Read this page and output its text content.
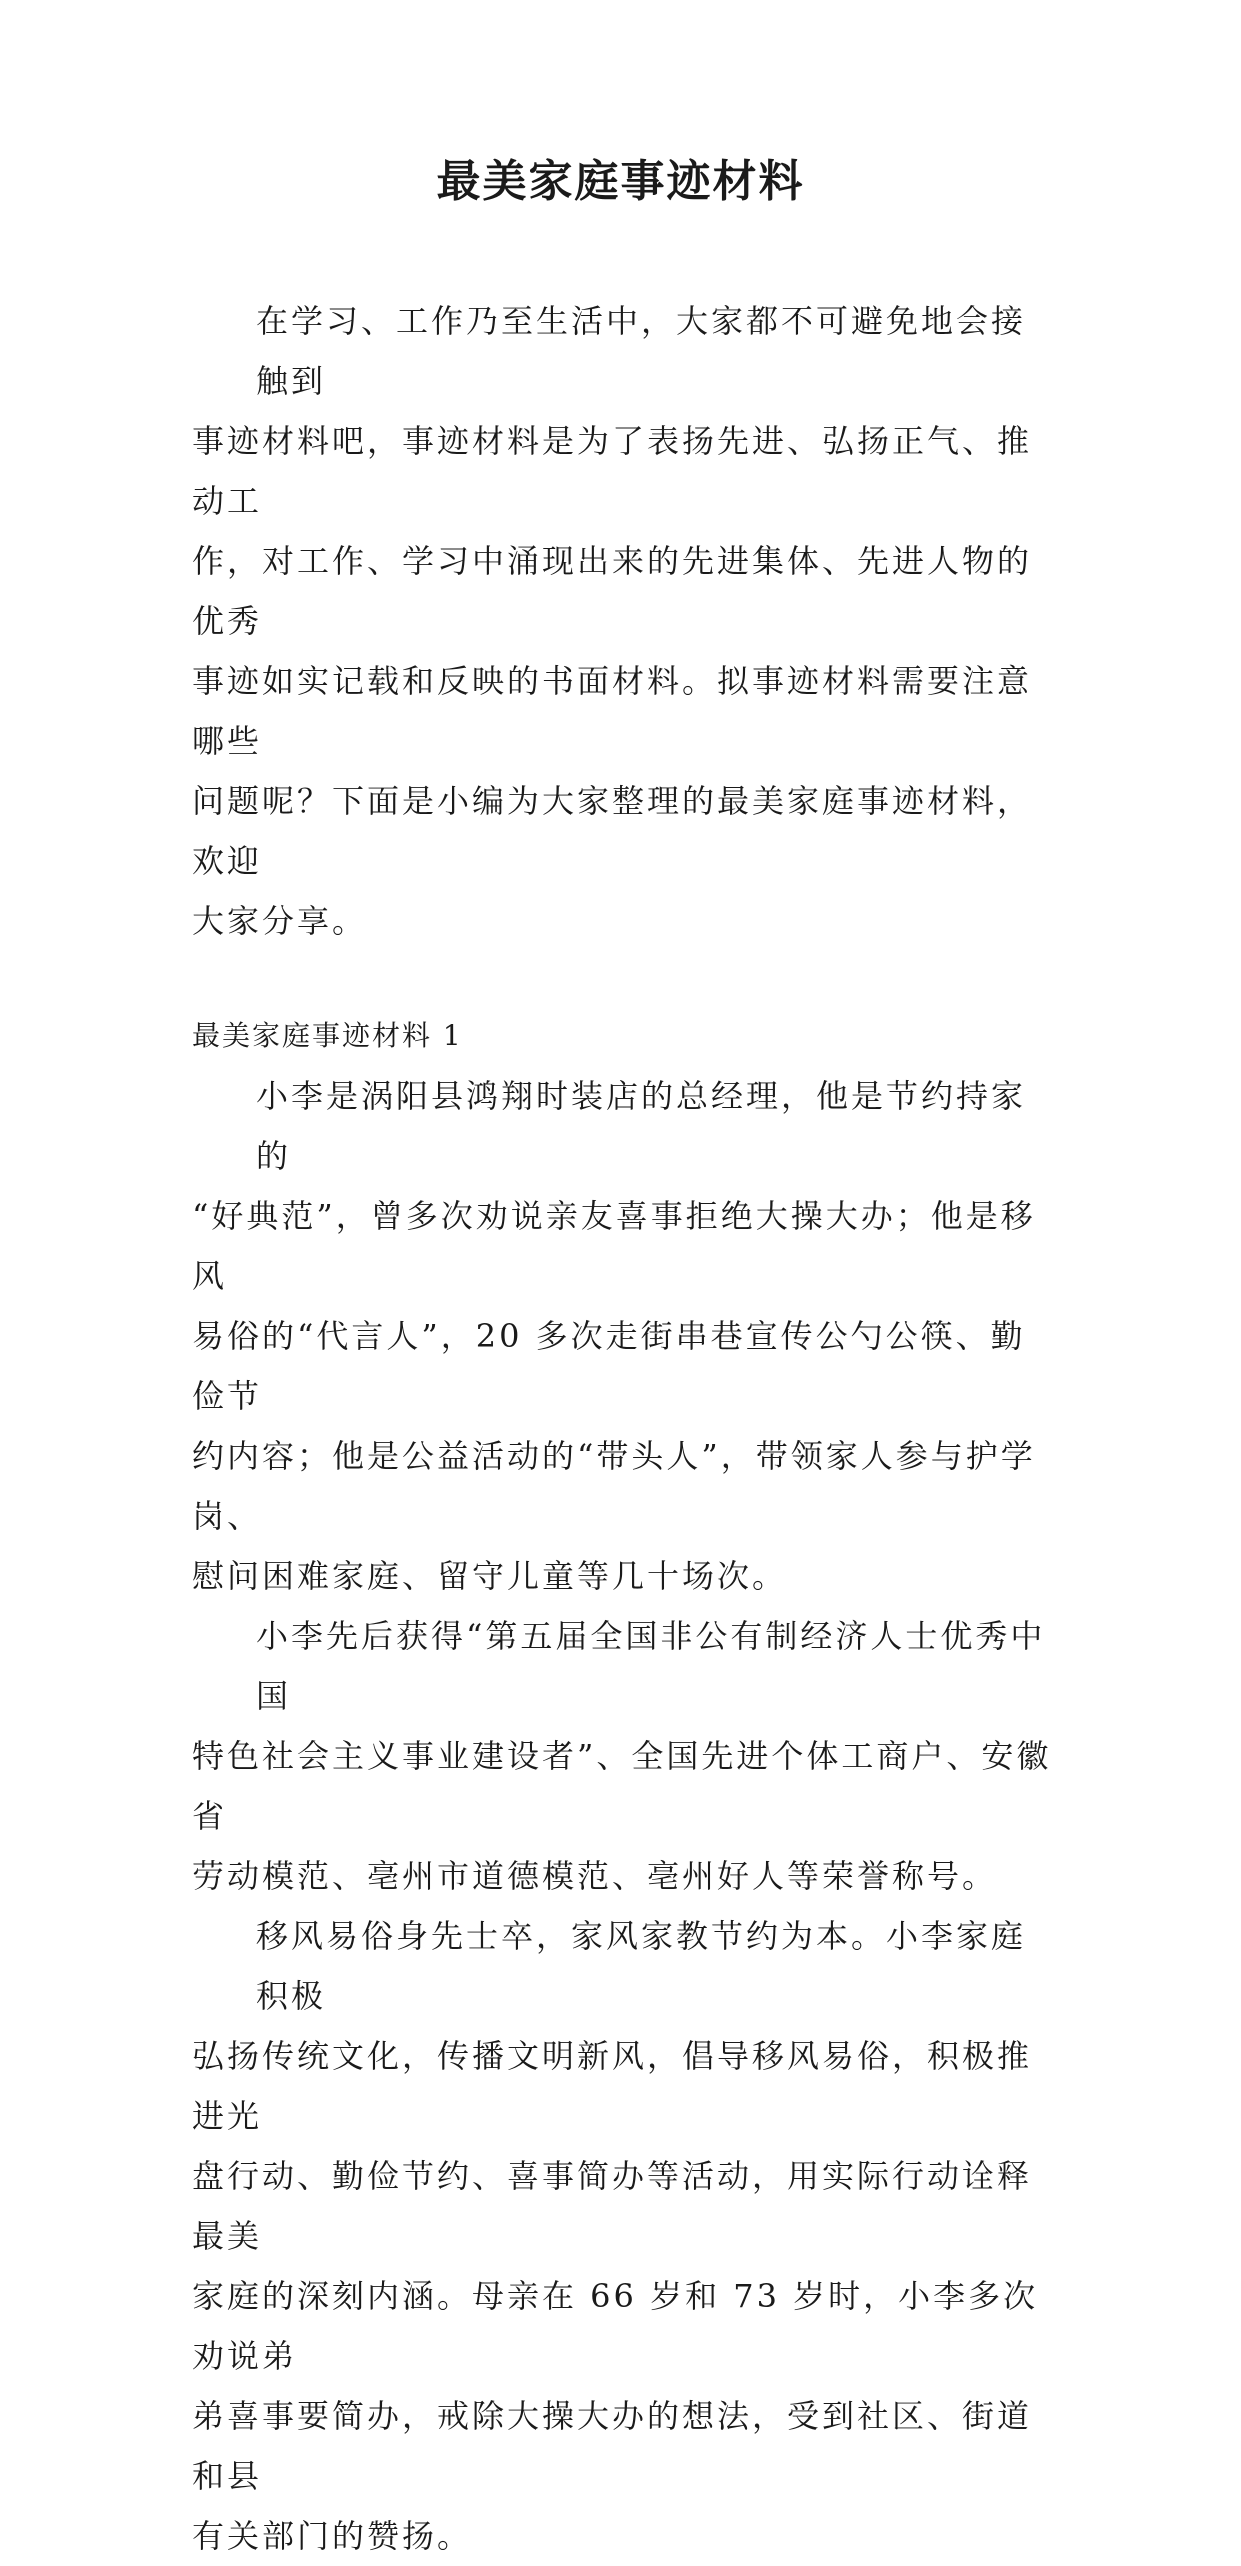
最美家庭事迹材料

在学习、工作乃至生活中，大家都不可避免地会接触到

事迹材料吧，事迹材料是为了表扬先进、弘扬正气、推动工

作，对工作、学习中涌现出来的先进集体、先进人物的优秀

事迹如实记载和反映的书面材料。拟事迹材料需要注意哪些

问题呢？下面是小编为大家整理的最美家庭事迹材料，欢迎

大家分享。

最美家庭事迹材料 1

小李是涡阳县鸿翔时装店的总经理，他是节约持家的

“好典范”，曾多次劝说亲友喜事拒绝大操大办；他是移风

易俗的“代言人”，20 多次走街串巷宣传公勺公筷、勤俭节

约内容；他是公益活动的“带头人”，带领家人参与护学岗、

慰问困难家庭、留守儿童等几十场次。

小李先后获得“第五届全国非公有制经济人士优秀中国

特色社会主义事业建设者”、全国先进个体工商户、安徽省

劳动模范、亳州市道德模范、亳州好人等荣誉称号。

移风易俗身先士卒，家风家教节约为本。小李家庭积极

弘扬传统文化，传播文明新风，倡导移风易俗，积极推进光

盘行动、勤俭节约、喜事简办等活动，用实际行动诠释最美

家庭的深刻内涵。母亲在 66 岁和 73 岁时，小李多次劝说弟

弟喜事要简办，戒除大操大办的想法，受到社区、街道和县

有关部门的赞扬。
